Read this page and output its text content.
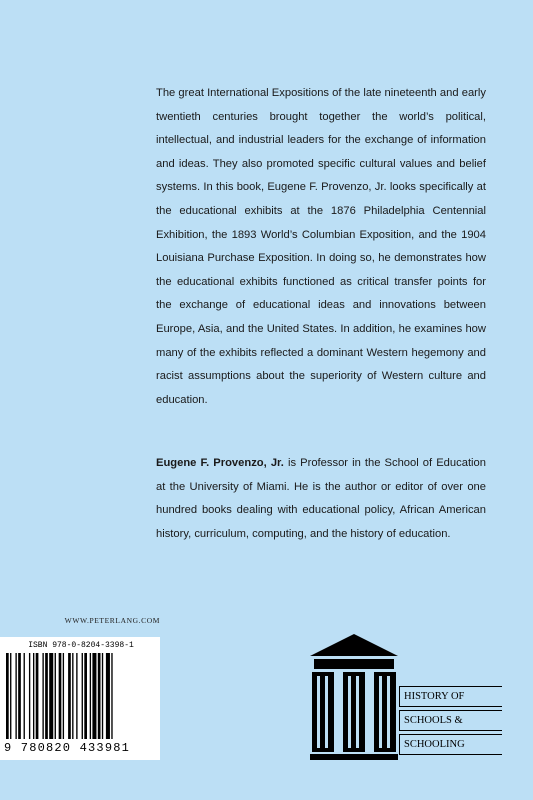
The great International Expositions of the late nineteenth and early twentieth centuries brought together the world’s political, intellectual, and industrial leaders for the exchange of information and ideas. They also promoted specific cultural values and belief systems. In this book, Eugene F. Provenzo, Jr. looks specifically at the educational exhibits at the 1876 Philadelphia Centennial Exhibition, the 1893 World’s Columbian Exposition, and the 1904 Louisiana Purchase Exposition. In doing so, he demonstrates how the educational exhibits functioned as critical transfer points for the exchange of educational ideas and innovations between Europe, Asia, and the United States. In addition, he examines how many of the exhibits reflected a dominant Western hegemony and racist assumptions about the superiority of Western culture and education.

Eugene F. Provenzo, Jr. is Professor in the School of Education at the University of Miami. He is the author or editor of over one hundred books dealing with educational policy, African American history, curriculum, computing, and the history of education.

WWW.PETERLANG.COM
ISBN 978-0-8204-3398-1
9 780820 433981
HISTORY OF
SCHOOLS &
SCHOOLING
